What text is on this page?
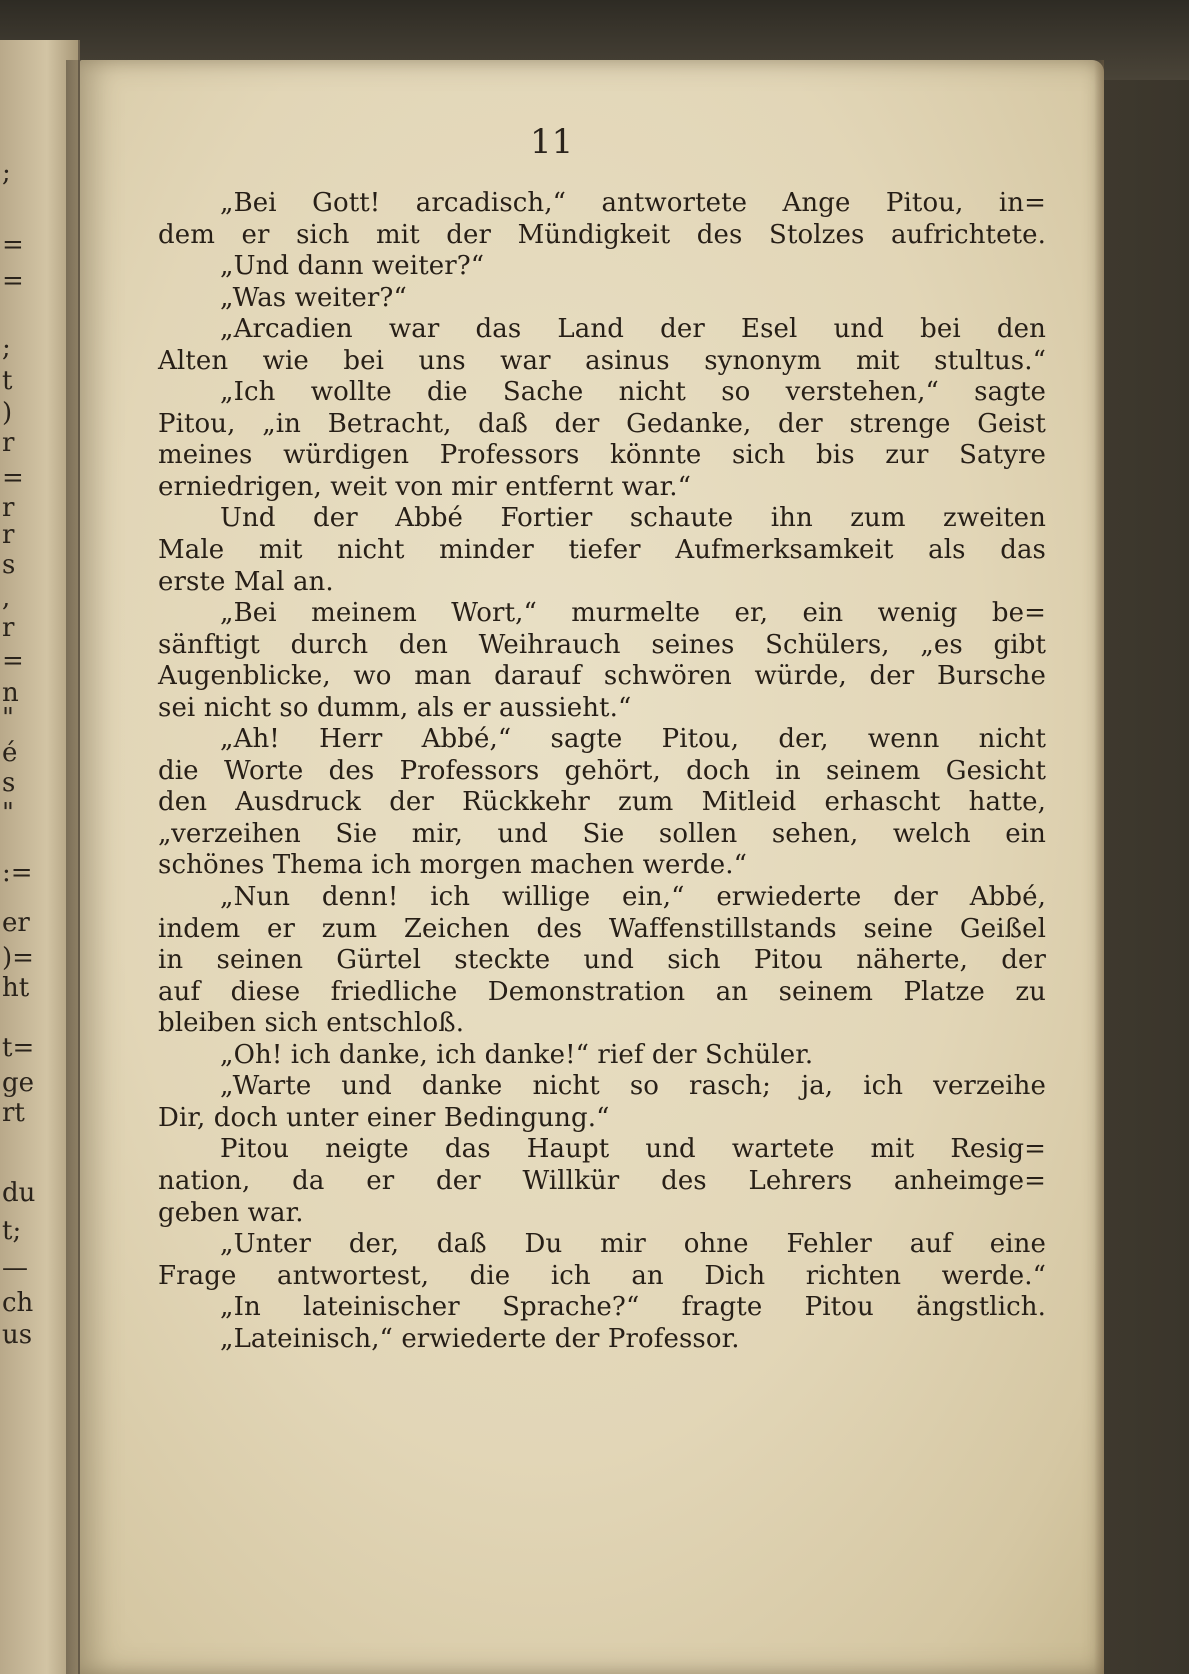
;
=
=
;
t
)
r
=
r
r
s
,
r
=
n
"
é
s
"
:=
er
)=
ht
t=
ge
rt
du
t;
—
ch
us
11
„Bei Gott! arcadisch,“ antwortete Ange Pitou, in=
dem er sich mit der Mündigkeit des Stolzes aufrichtete.
„Und dann weiter?“
„Was weiter?“
„Arcadien war das Land der Esel und bei den
Alten wie bei uns war asinus synonym mit stultus.“
„Ich wollte die Sache nicht so verstehen,“ sagte
Pitou, „in Betracht, daß der Gedanke, der strenge Geist
meines würdigen Professors könnte sich bis zur Satyre
erniedrigen, weit von mir entfernt war.“
Und der Abbé Fortier schaute ihn zum zweiten
Male mit nicht minder tiefer Aufmerksamkeit als das
erste Mal an.
„Bei meinem Wort,“ murmelte er, ein wenig be=
sänftigt durch den Weihrauch seines Schülers, „es gibt
Augenblicke, wo man darauf schwören würde, der Bursche
sei nicht so dumm, als er aussieht.“
„Ah! Herr Abbé,“ sagte Pitou, der, wenn nicht
die Worte des Professors gehört, doch in seinem Gesicht
den Ausdruck der Rückkehr zum Mitleid erhascht hatte,
„verzeihen Sie mir, und Sie sollen sehen, welch ein
schönes Thema ich morgen machen werde.“
„Nun denn! ich willige ein,“ erwiederte der Abbé,
indem er zum Zeichen des Waffenstillstands seine Geißel
in seinen Gürtel steckte und sich Pitou näherte, der
auf diese friedliche Demonstration an seinem Platze zu
bleiben sich entschloß.
„Oh! ich danke, ich danke!“ rief der Schüler.
„Warte und danke nicht so rasch; ja, ich verzeihe
Dir, doch unter einer Bedingung.“
Pitou neigte das Haupt und wartete mit Resig=
nation, da er der Willkür des Lehrers anheimge=
geben war.
„Unter der, daß Du mir ohne Fehler auf eine
Frage antwortest, die ich an Dich richten werde.“
„In lateinischer Sprache?“ fragte Pitou ängstlich.
„Lateinisch,“ erwiederte der Professor.
